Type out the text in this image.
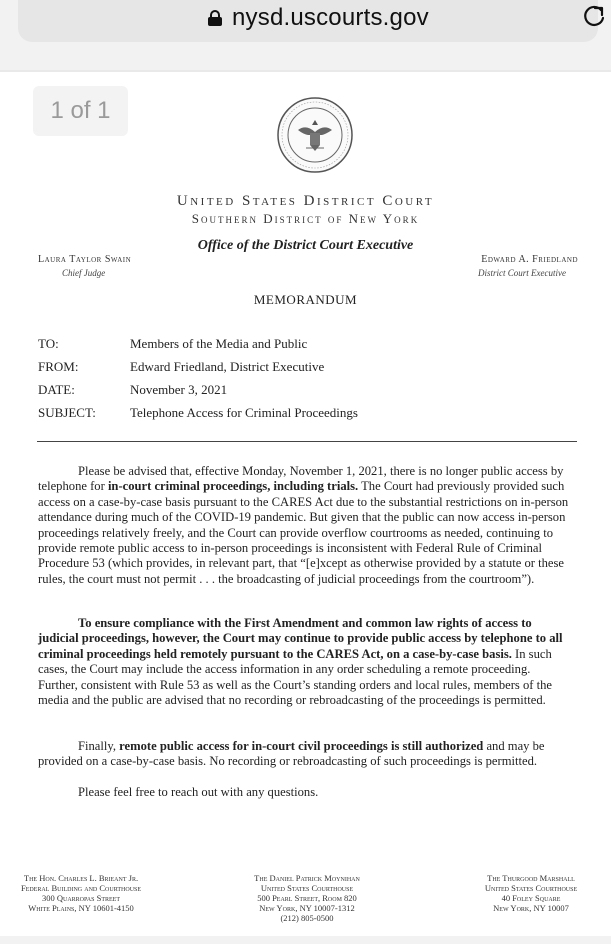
nysd.uscourts.gov
1 of 1
United States District Court
Southern District of New York
Office of the District Court Executive
Laura Taylor Swain
Chief Judge
Edward A. Friedland
District Court Executive
MEMORANDUM
TO:	Members of the Media and Public
FROM:	Edward Friedland, District Executive
DATE:	November 3, 2021
SUBJECT:	Telephone Access for Criminal Proceedings

Please be advised that, effective Monday, November 1, 2021, there is no longer public access by telephone for in-court criminal proceedings, including trials. The Court had previously provided such access on a case-by-case basis pursuant to the CARES Act due to the substantial restrictions on in-person attendance during much of the COVID-19 pandemic. But given that the public can now access in-person proceedings relatively freely, and the Court can provide overflow courtrooms as needed, continuing to provide remote public access to in-person proceedings is inconsistent with Federal Rule of Criminal Procedure 53 (which provides, in relevant part, that “[e]xcept as otherwise provided by a statute or these rules, the court must not permit . . . the broadcasting of judicial proceedings from the courtroom”).

To ensure compliance with the First Amendment and common law rights of access to judicial proceedings, however, the Court may continue to provide public access by telephone to all criminal proceedings held remotely pursuant to the CARES Act, on a case-by-case basis. In such cases, the Court may include the access information in any order scheduling a remote proceeding. Further, consistent with Rule 53 as well as the Court’s standing orders and local rules, members of the media and the public are advised that no recording or rebroadcasting of the proceedings is permitted.

Finally, remote public access for in-court civil proceedings is still authorized and may be provided on a case-by-case basis. No recording or rebroadcasting of such proceedings is permitted.

Please feel free to reach out with any questions.

The Hon. Charles L. Brieant Jr.
Federal Building and Courthouse
300 Quarropas Street
White Plains, NY 10601-4150
The Daniel Patrick Moynihan
United States Courthouse
500 Pearl Street, Room 820
New York, NY 10007-1312
(212) 805-0500
The Thurgood Marshall
United States Courthouse
40 Foley Square
New York, NY 10007
